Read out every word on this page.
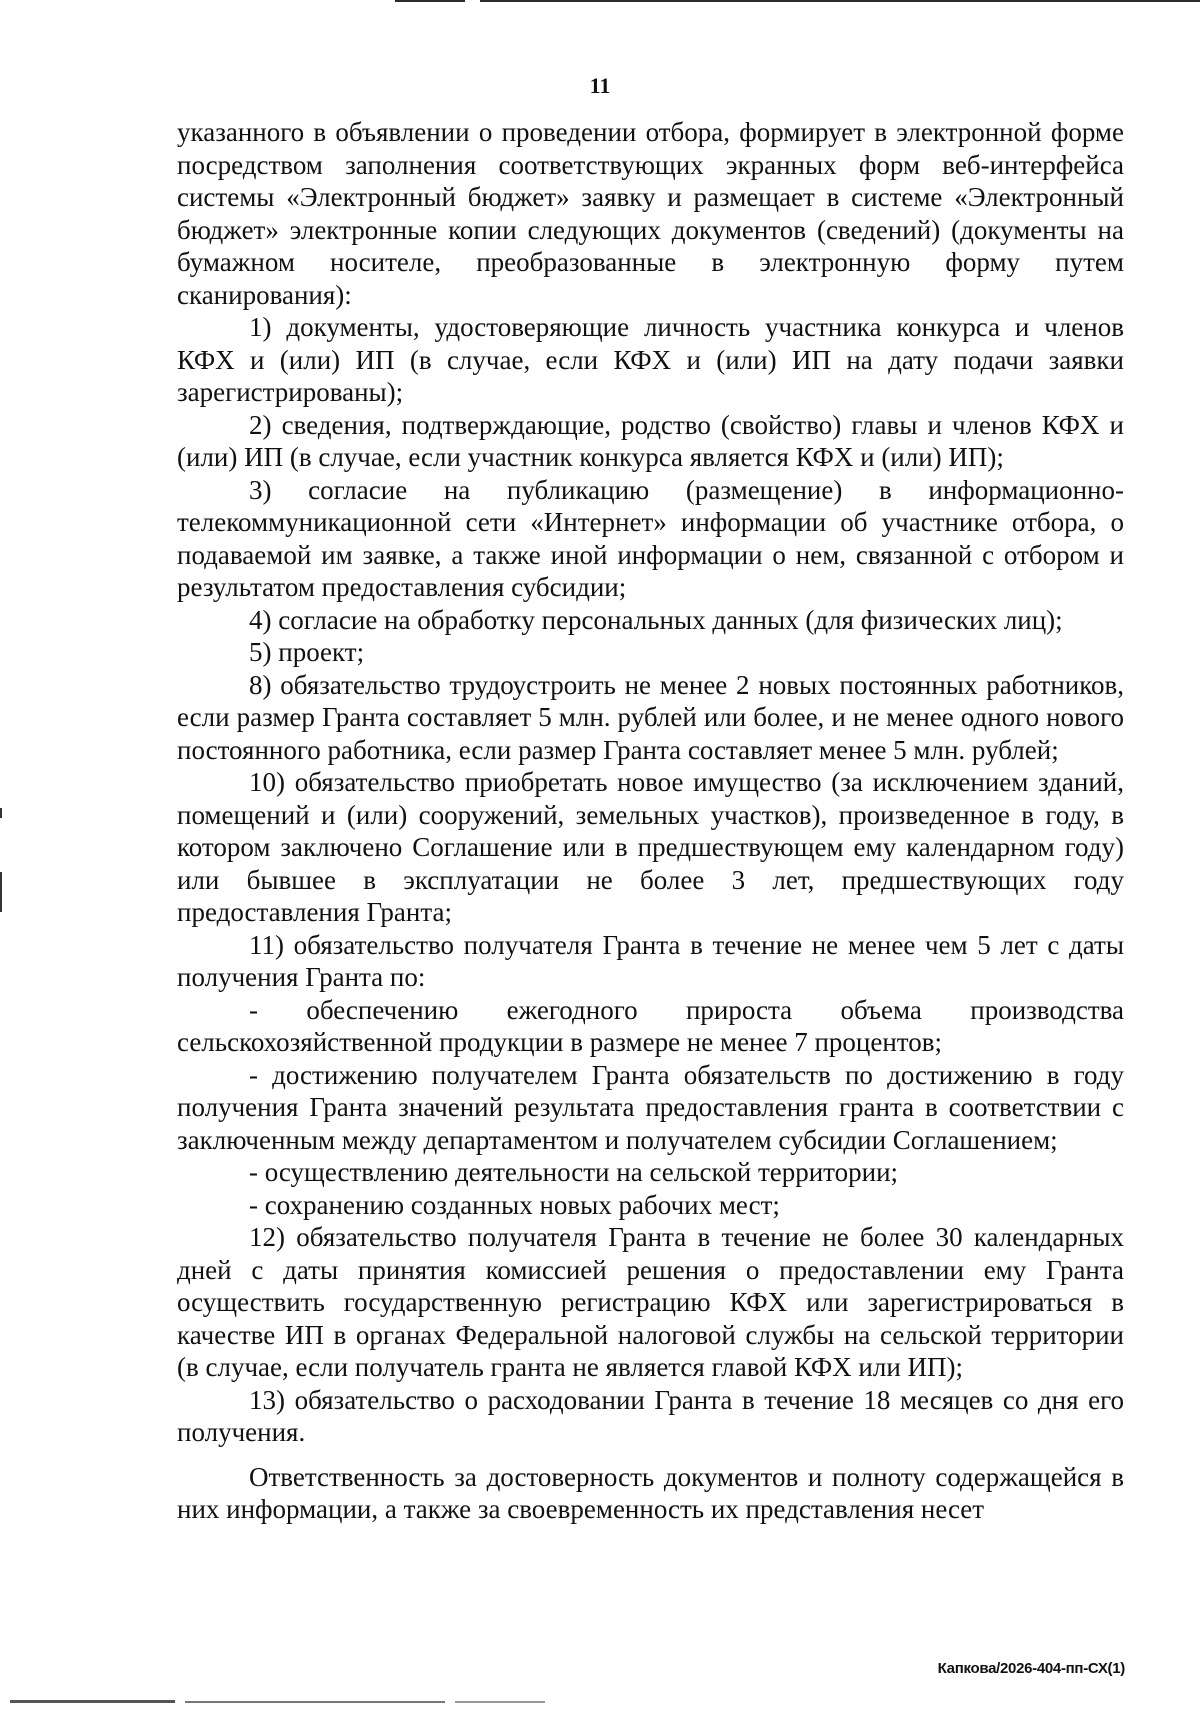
11

указанного в объявлении о проведении отбора, формирует в электронной форме посредством заполнения соответствующих экранных форм веб-интерфейса системы «Электронный бюджет» заявку и размещает в системе «Электронный бюджет» электронные копии следующих документов (сведений) (документы на бумажном носителе, преобразованные в электронную форму путем сканирования):

1) документы, удостоверяющие личность участника конкурса и членов КФХ и (или) ИП (в случае, если КФХ и (или) ИП на дату подачи заявки зарегистрированы);

2) сведения, подтверждающие, родство (свойство) главы и членов КФХ и (или) ИП (в случае, если участник конкурса является КФХ и (или) ИП);

3) согласие на публикацию (размещение) в информационно-телекоммуникационной сети «Интернет» информации об участнике отбора, о подаваемой им заявке, а также иной информации о нем, связанной с отбором и результатом предоставления субсидии;

4) согласие на обработку персональных данных (для физических лиц);

5) проект;

8) обязательство трудоустроить не менее 2 новых постоянных работников, если размер Гранта составляет 5 млн. рублей или более, и не менее одного нового постоянного работника, если размер Гранта составляет менее 5 млн. рублей;

10) обязательство приобретать новое имущество (за исключением зданий, помещений и (или) сооружений, земельных участков), произведенное в году, в котором заключено Соглашение или в предшествующем ему календарном году) или бывшее в эксплуатации не более 3 лет, предшествующих году предоставления Гранта;

11) обязательство получателя Гранта в течение не менее чем 5 лет с даты получения Гранта по:

- обеспечению ежегодного прироста объема производства сельскохозяйственной продукции в размере не менее 7 процентов;

- достижению получателем Гранта обязательств по достижению в году получения Гранта значений результата предоставления гранта в соответствии с заключенным между департаментом и получателем субсидии Соглашением;

- осуществлению деятельности на сельской территории;

- сохранению созданных новых рабочих мест;

12) обязательство получателя Гранта в течение не более 30 календарных дней с даты принятия комиссией решения о предоставлении ему Гранта осуществить государственную регистрацию КФХ или зарегистрироваться в качестве ИП в органах Федеральной налоговой службы на сельской территории (в случае, если получатель гранта не является главой КФХ или ИП);

13) обязательство о расходовании Гранта в течение 18 месяцев со дня его получения.

Ответственность за достоверность документов и полноту содержащейся в них информации, а также за своевременность их представления несет

Капкова/2026-404-пп-СХ(1)
